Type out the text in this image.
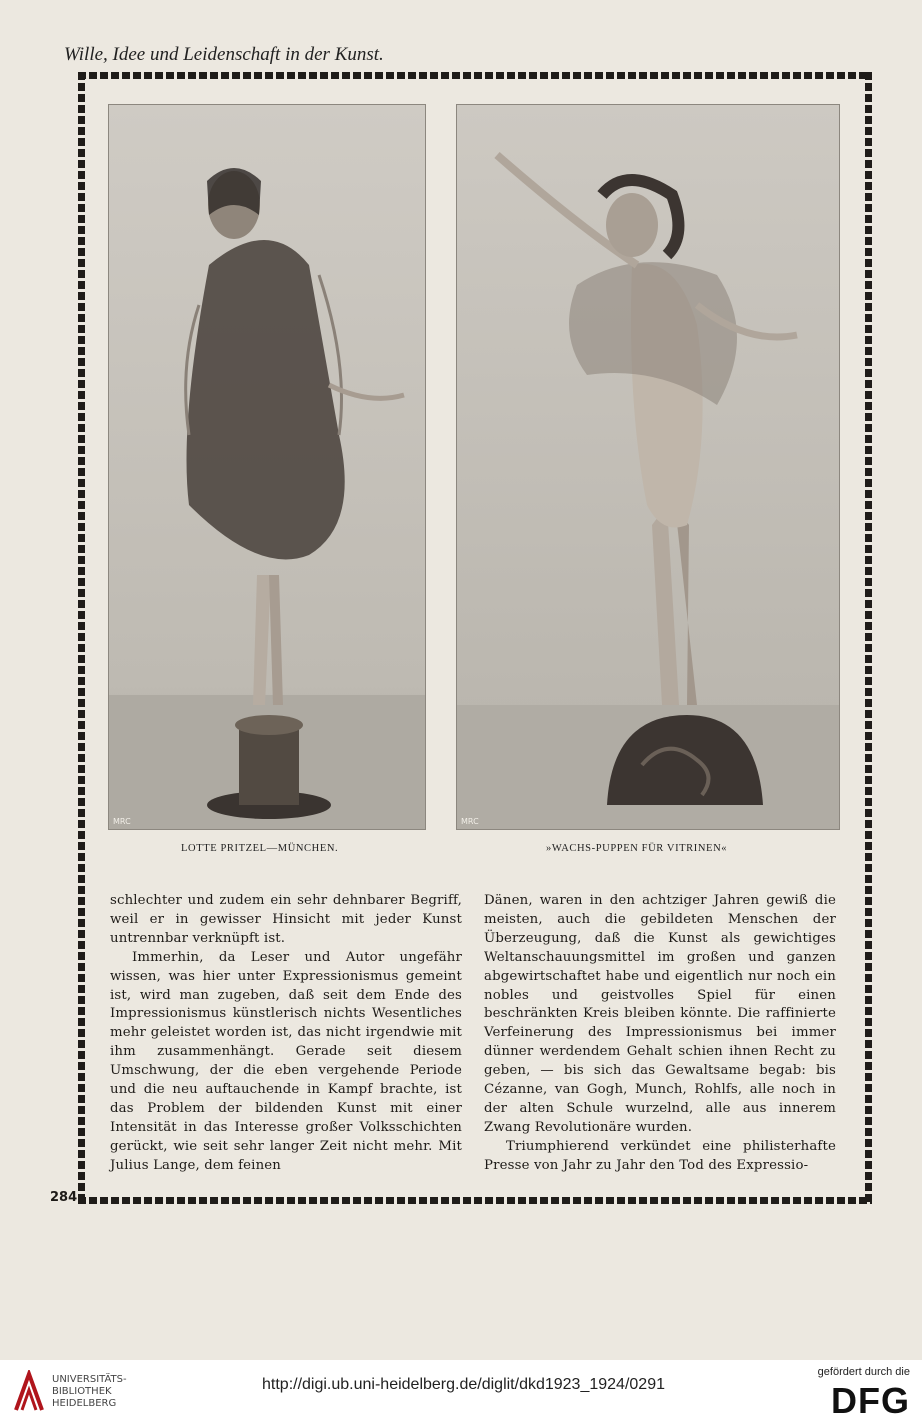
Wille, Idee und Leidenschaft in der Kunst.
MRC	MRC
LOTTE PRITZEL—MÜNCHEN.	»WACHS-PUPPEN FÜR VITRINEN«

schlechter und zudem ein sehr dehnbarer Begriff, weil er in gewisser Hinsicht mit jeder Kunst untrennbar verknüpft ist.

Immerhin, da Leser und Autor ungefähr wissen, was hier unter Expressionismus gemeint ist, wird man zugeben, daß seit dem Ende des Impressionismus künstlerisch nichts Wesentliches mehr geleistet worden ist, das nicht irgendwie mit ihm zusammenhängt. Gerade seit diesem Umschwung, der die eben vergehende Periode und die neu auftauchende in Kampf brachte, ist das Problem der bildenden Kunst mit einer Intensität in das Interesse großer Volksschichten gerückt, wie seit sehr langer Zeit nicht mehr. Mit Julius Lange, dem feinen

Dänen, waren in den achtziger Jahren gewiß die meisten, auch die gebildeten Menschen der Überzeugung, daß die Kunst als gewichtiges Weltanschauungsmittel im großen und ganzen abgewirtschaftet habe und eigentlich nur noch ein nobles und geistvolles Spiel für einen beschränkten Kreis bleiben könnte. Die raffinierte Verfeinerung des Impressionismus bei immer dünner werdendem Gehalt schien ihnen Recht zu geben, — bis sich das Gewaltsame begab: bis Cézanne, van Gogh, Munch, Rohlfs, alle noch in der alten Schule wurzelnd, alle aus innerem Zwang Revolutionäre wurden.

Triumphierend verkündet eine philisterhafte Presse von Jahr zu Jahr den Tod des Expressio-

284
UNIVERSITÄTS-
BIBLIOTHEK
HEIDELBERG
http://digi.ub.uni-heidelberg.de/diglit/dkd1923_1924/0291
gefördert durch die
DFG
